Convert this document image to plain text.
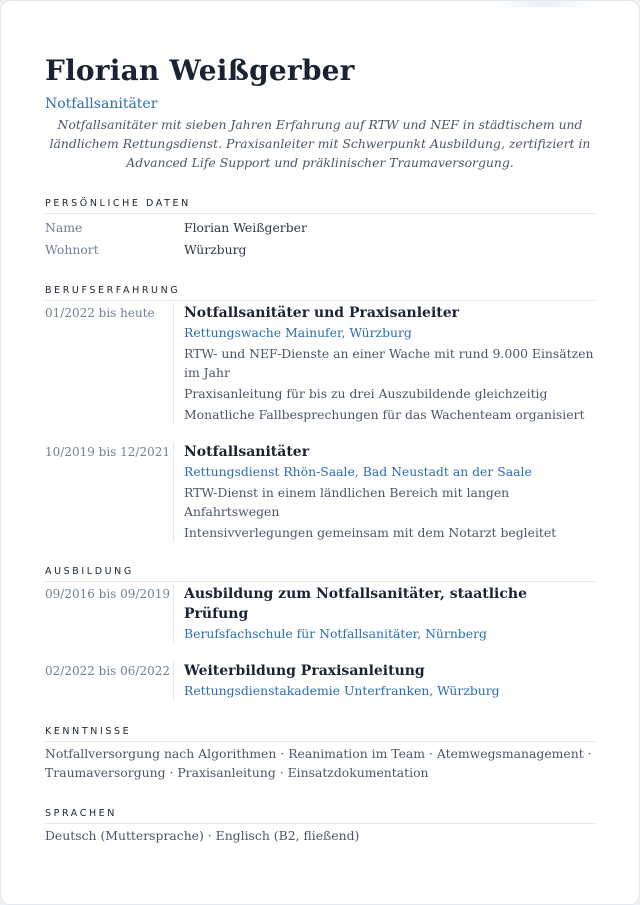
Florian Weißgerber
Notfallsanitäter

Notfallsanitäter mit sieben Jahren Erfahrung auf RTW und NEF in städtischem und ländlichem Rettungsdienst. Praxisanleiter mit Schwerpunkt Ausbildung, zertifiziert in Advanced Life Support und präklinischer Traumaversorgung.

PERSÖNLICHE DATEN
Name	Florian Weißgerber
Wohnort	Würzburg
BERUFSERFAHRUNG
01/2022 bis heute	Notfallsanitäter und Praxisanleiter
Rettungswache Mainufer, Würzburg
RTW- und NEF-Dienste an einer Wache mit rund 9.000 Einsätzen im Jahr
Praxisanleitung für bis zu drei Auszubildende gleichzeitig
Monatliche Fallbesprechungen für das Wachenteam organisiert
10/2019 bis 12/2021 Notfallsanitäter
Rettungsdienst Rhön-Saale, Bad Neustadt an der Saale
RTW-Dienst in einem ländlichen Bereich mit langen Anfahrtswegen
Intensivverlegungen gemeinsam mit dem Notarzt begleitet
AUSBILDUNG
09/2016 bis 09/2019 Ausbildung zum Notfallsanitäter, staatliche Prüfung
Berufsfachschule für Notfallsanitäter, Nürnberg
02/2022 bis 06/2022 Weiterbildung Praxisanleitung
Rettungsdienstakademie Unterfranken, Würzburg
KENNTNISSE

Notfallversorgung nach Algorithmen · Reanimation im Team · Atemwegsmanagement · Traumaversorgung · Praxisanleitung · Einsatzdokumentation

SPRACHEN

Deutsch (Muttersprache) · Englisch (B2, fließend)
